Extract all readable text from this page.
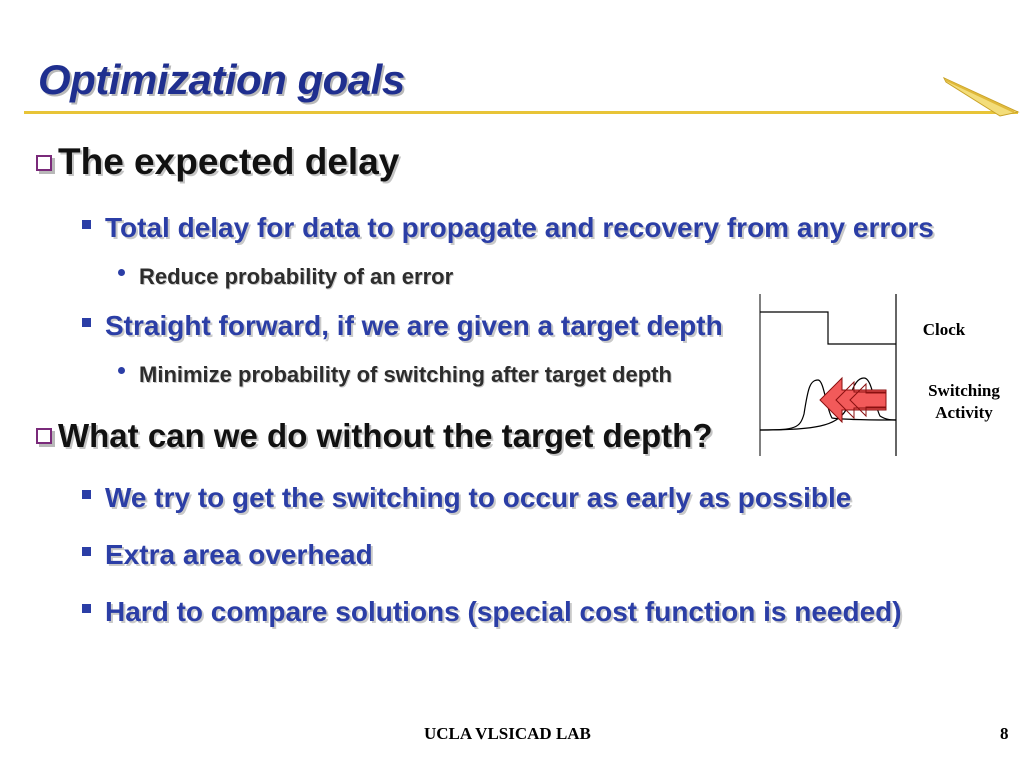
Optimization goals
The expected delay
Total delay for data to propagate and recovery from any errors
Reduce probability of an error
Straight forward, if we are given a target depth
Minimize probability of switching after target depth
What can we do without the target depth?
We try to get the switching to occur as early as possible
Extra area overhead
Hard to compare solutions (special cost function is needed)
Clock
Switching
Activity
UCLA VLSICAD LAB	8
